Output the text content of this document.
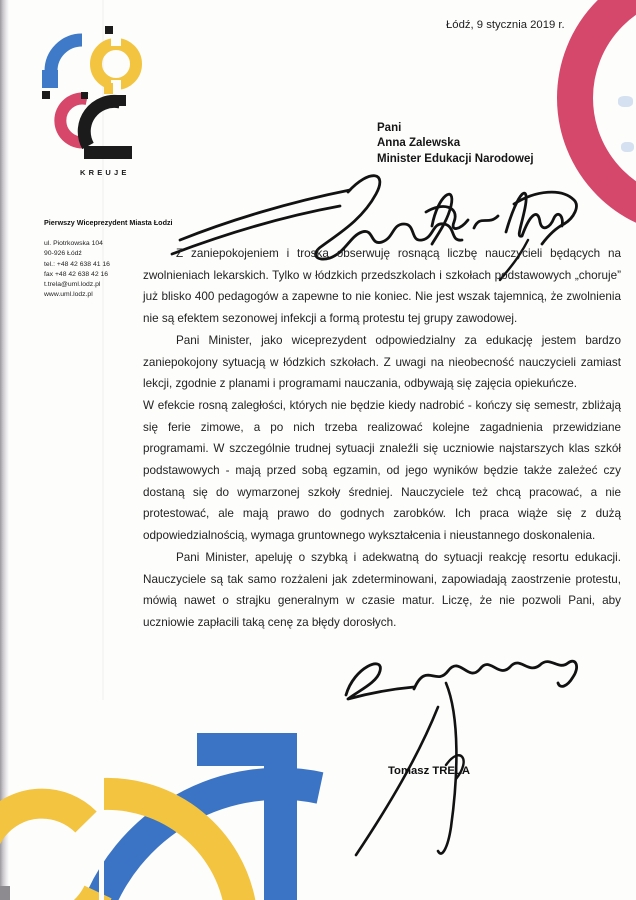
KREUJE
Pierwszy Wiceprezydent Miasta Łodzi
ul. Piotrkowska 104
90-926 Łódź
tel.: +48 42 638 41 16
fax +48 42 638 42 16
t.trela@uml.lodz.pl
www.uml.lodz.pl
Łódź, 9 stycznia 2019 r.
Pani
Anna Zalewska
Minister Edukacji Narodowej

Z zaniepokojeniem i troską obserwuję rosnącą liczbę nauczycieli będących na zwolnieniach lekarskich. Tylko w łódzkich przedszkolach i szkołach podstawowych „choruje” już blisko 400 pedagogów a zapewne to nie koniec. Nie jest wszak tajemnicą, że zwolnienia nie są efektem sezonowej infekcji a formą protestu tej grupy zawodowej.

Pani Minister, jako wiceprezydent odpowiedzialny za edukację jestem bardzo zaniepokojony sytuacją w łódzkich szkołach. Z uwagi na nieobecność nauczycieli zamiast lekcji, zgodnie z planami i programami nauczania, odbywają się zajęcia opiekuńcze.

W efekcie rosną zaległości, których nie będzie kiedy nadrobić - kończy się semestr, zbliżają się ferie zimowe, a po nich trzeba realizować kolejne zagadnienia przewidziane programami. W szczególnie trudnej sytuacji znaleźli się uczniowie najstarszych klas szkół podstawowych - mają przed sobą egzamin, od jego wyników będzie także zależeć czy dostaną się do wymarzonej szkoły średniej. Nauczyciele też chcą pracować, a nie protestować, ale mają prawo do godnych zarobków. Ich praca wiąże się z dużą odpowiedzialnością, wymaga gruntownego wykształcenia i nieustannego doskonalenia.

Pani Minister, apeluję o szybką i adekwatną do sytuacji reakcję resortu edukacji. Nauczyciele są tak samo rozżaleni jak zdeterminowani, zapowiadają zaostrzenie protestu, mówią nawet o strajku generalnym w czasie matur. Liczę, że nie pozwoli Pani, aby uczniowie zapłacili taką cenę za błędy dorosłych.

Tomasz TRELA
